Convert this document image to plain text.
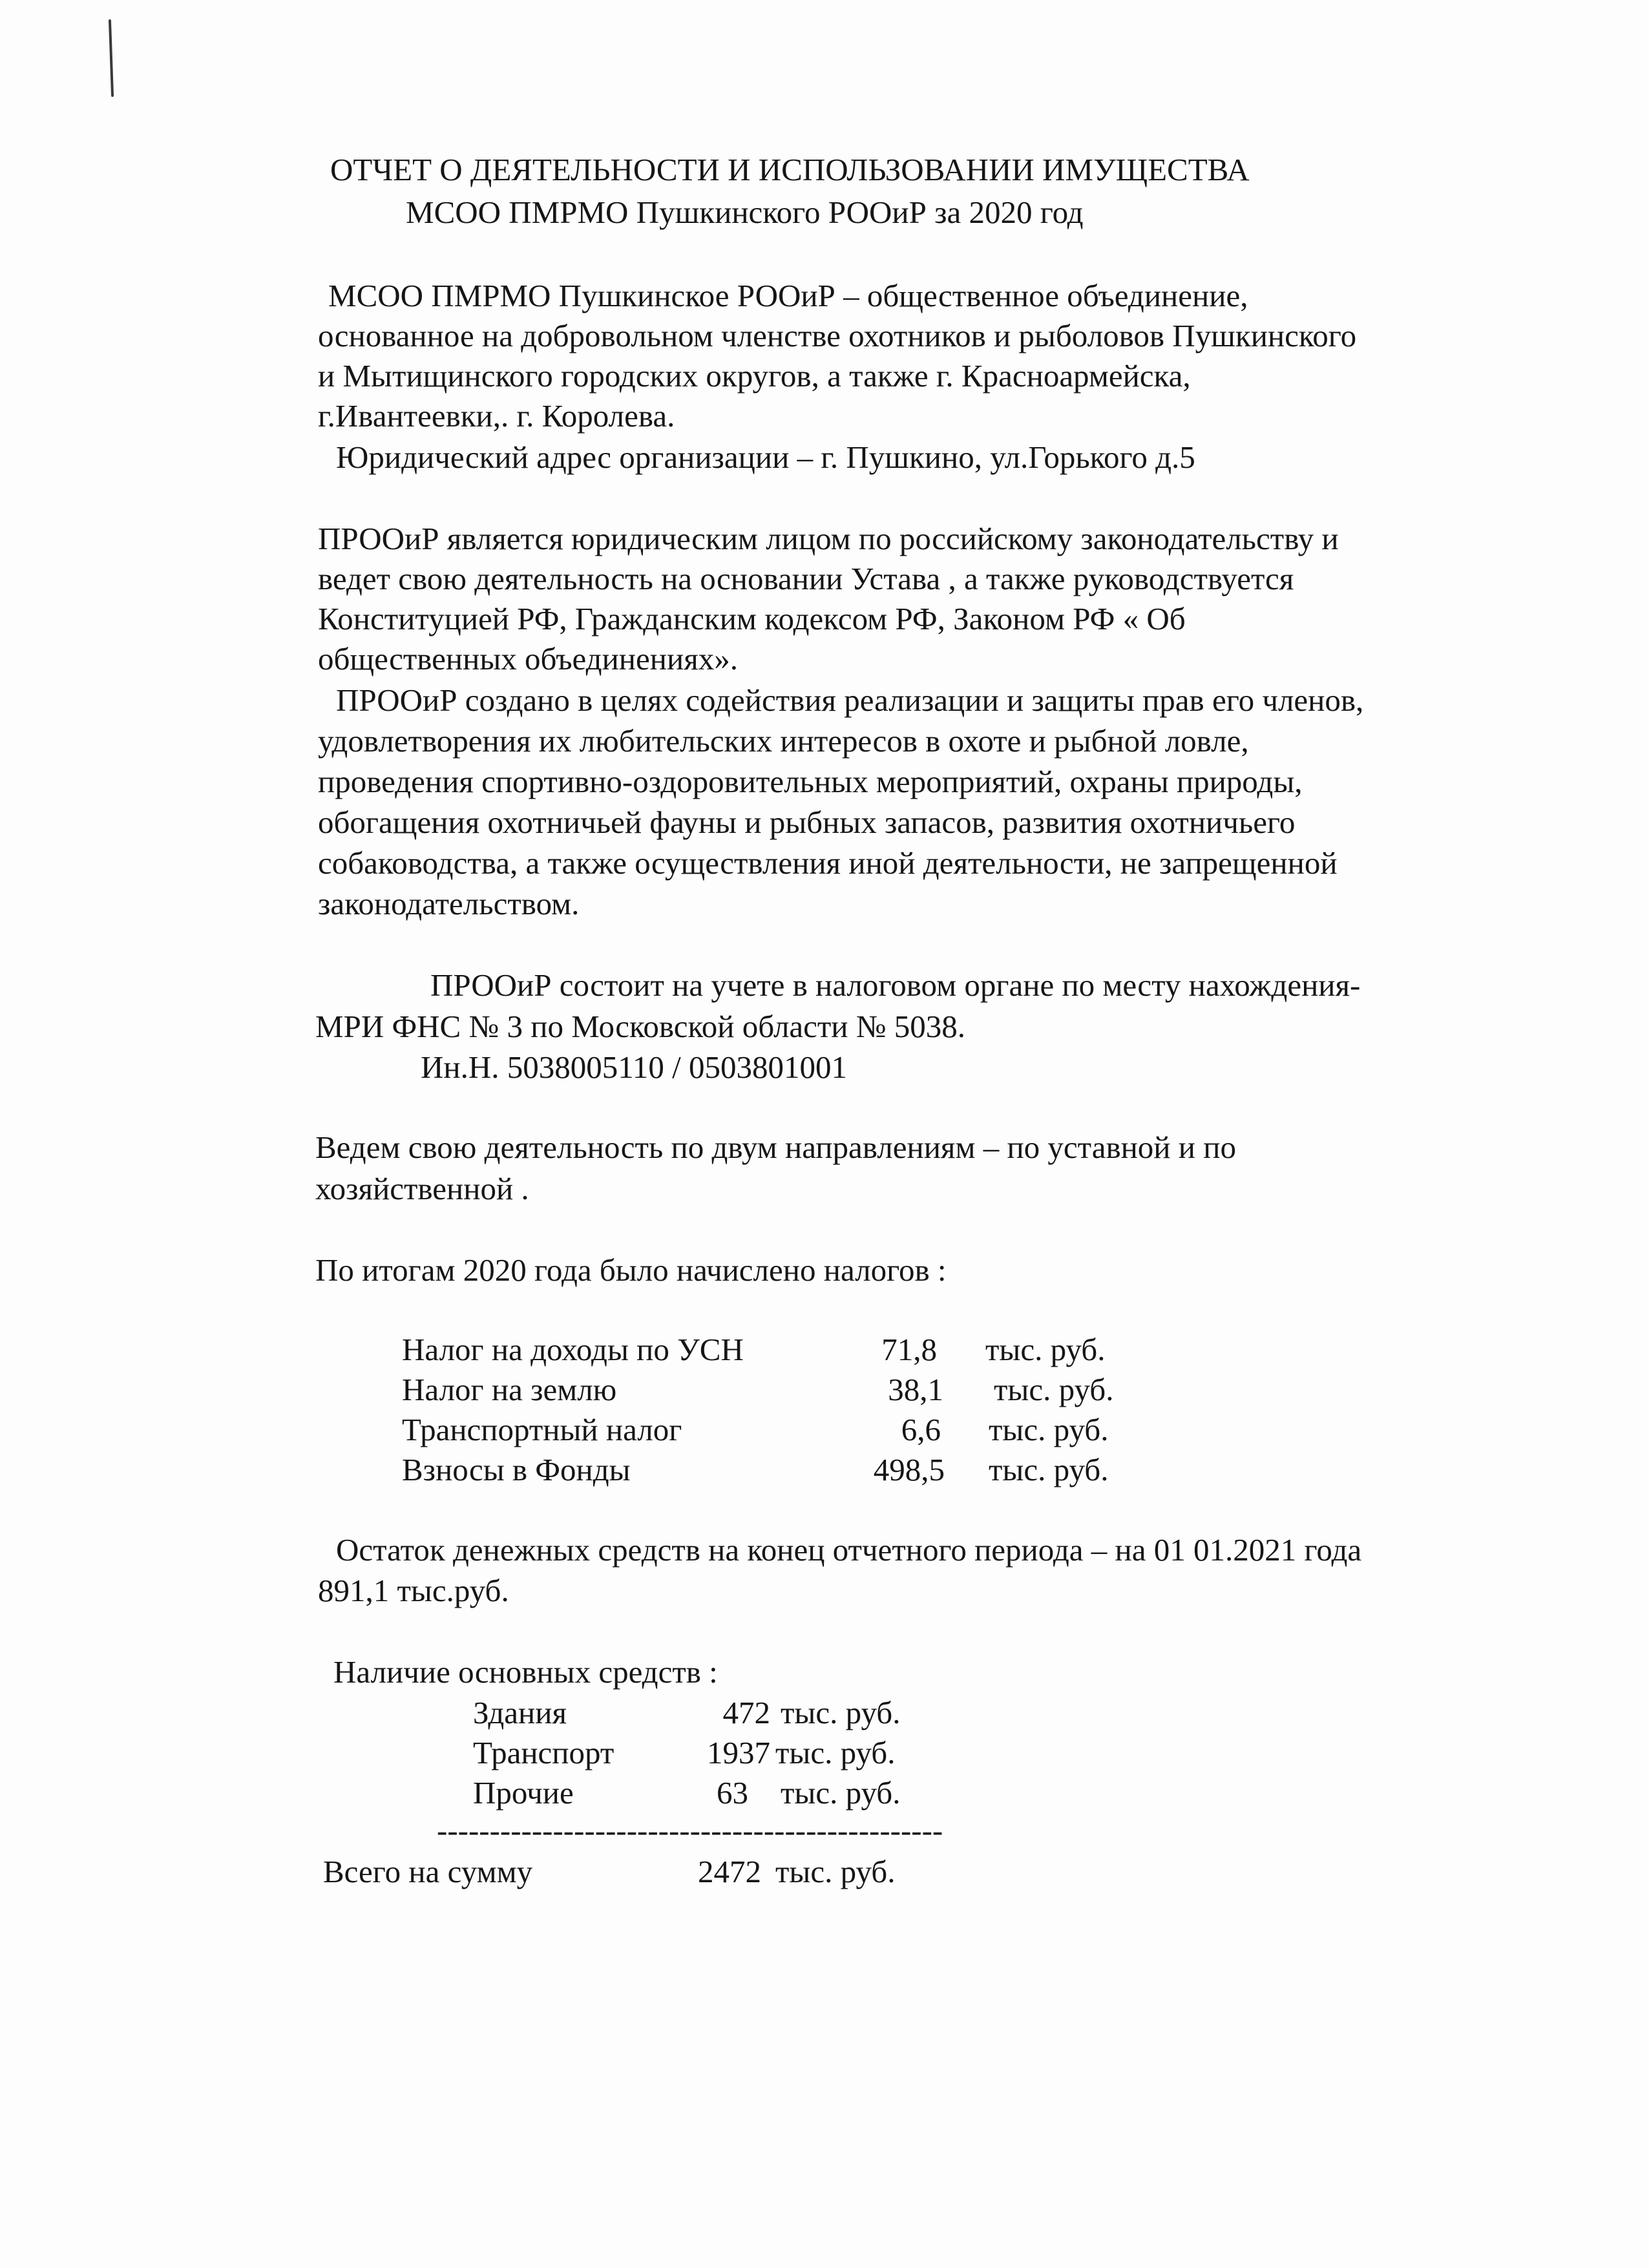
ОТЧЕТ О ДЕЯТЕЛЬНОСТИ И ИСПОЛЬЗОВАНИИ ИМУЩЕСТВА
МСОО ПМРМО Пушкинского РООиР за 2020 год
МСОО ПМРМО Пушкинское РООиР – общественное объединение,
основанное на добровольном членстве охотников и рыболовов Пушкинского
и Мытищинского городских округов, а также г. Красноармейска,
г.Ивантеевки,. г. Королева.
Юридический адрес организации – г. Пушкино, ул.Горького д.5
ПРООиР является юридическим лицом по российскому законодательству и
ведет свою деятельность на основании Устава , а также руководствуется
Конституцией РФ, Гражданским кодексом РФ, Законом РФ « Об
общественных объединениях».
ПРООиР создано в целях содействия реализации и защиты прав его членов,
удовлетворения их любительских интересов в охоте и рыбной ловле,
проведения спортивно-оздоровительных мероприятий, охраны природы,
обогащения охотничьей фауны и рыбных запасов, развития охотничьего
собаководства, а также осуществления иной деятельности, не запрещенной
законодательством.
ПРООиР состоит на учете в налоговом органе по месту нахождения-
МРИ ФНС № 3 по Московской области № 5038.
Ин.Н. 5038005110 / 0503801001
Ведем свою деятельность по двум направлениям – по уставной и по
хозяйственной .
По итогам 2020 года было начислено налогов :
Налог на доходы по УСН	71,8 тыс. руб.
Налог на землю	38,1 тыс. руб.
Транспортный налог	6,6 тыс. руб.
Взносы в Фонды	498,5 тыс. руб.
Остаток денежных средств на конец отчетного периода – на 01 01.2021 года
891,1 тыс.руб.
Наличие основных средств :
Здания	472 тыс. руб.
Транспорт	1937 тыс. руб.
Прочие	63 тыс. руб.
------------------------------------------------
Всего на сумму	2472 тыс. руб.
